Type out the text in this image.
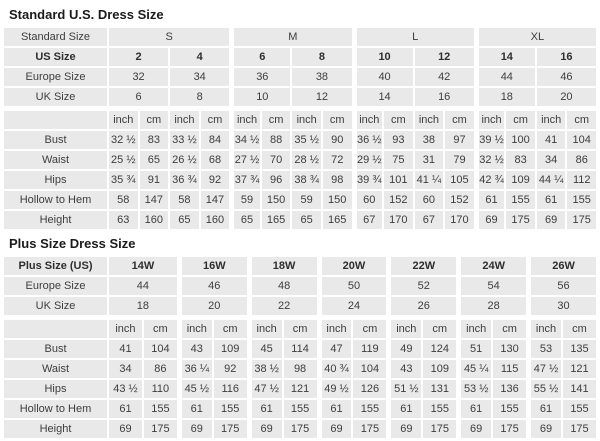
Standard U.S. Dress Size
Standard Size	S				M				L				XL			
US Size	2		4		6		8		10		12		14		16	
Europe Size	32		34		36		38		40		42		44		46	
UK Size	6		8		10		12		14		16		18		20	
	inch	cm	inch	cm	inch	cm	inch	cm	inch	cm	inch	cm	inch	cm	inch	cm
Bust	32 ½	83	33 ½	84	34 ½	88	35 ½	90	36 ½	93	38	97	39 ½	100	41	104
Waist	25 ½	65	26 ½	68	27 ½	70	28 ½	72	29 ½	75	31	79	32 ½	83	34	86
Hips	35 ¾	91	36 ¾	92	37 ¾	96	38 ¾	98	39 ¾	101	41 ¼	105	42 ¾	109	44 ¼	112
Hollow to Hem	58	147	58	147	59	150	59	150	60	152	60	152	61	155	61	155
Height	63	160	65	160	65	165	65	165	67	170	67	170	69	175	69	175
Plus Size Dress Size
Plus Size (US)	14W		16W		18W		20W		22W		24W		26W	
Europe Size	44		46		48		50		52		54		56	
UK Size	18		20		22		24		26		28		30	
	inch	cm	inch	cm	inch	cm	inch	cm	inch	cm	inch	cm	inch	cm
Bust	41	104	43	109	45	114	47	119	49	124	51	130	53	135
Waist	34	86	36 ¼	92	38 ½	98	40 ¾	104	43	109	45 ¼	115	47 ½	121
Hips	43 ½	110	45 ½	116	47 ½	121	49 ½	126	51 ½	131	53 ½	136	55 ½	141
Hollow to Hem	61	155	61	155	61	155	61	155	61	155	61	155	61	155
Height	69	175	69	175	69	175	69	175	69	175	69	175	69	175
